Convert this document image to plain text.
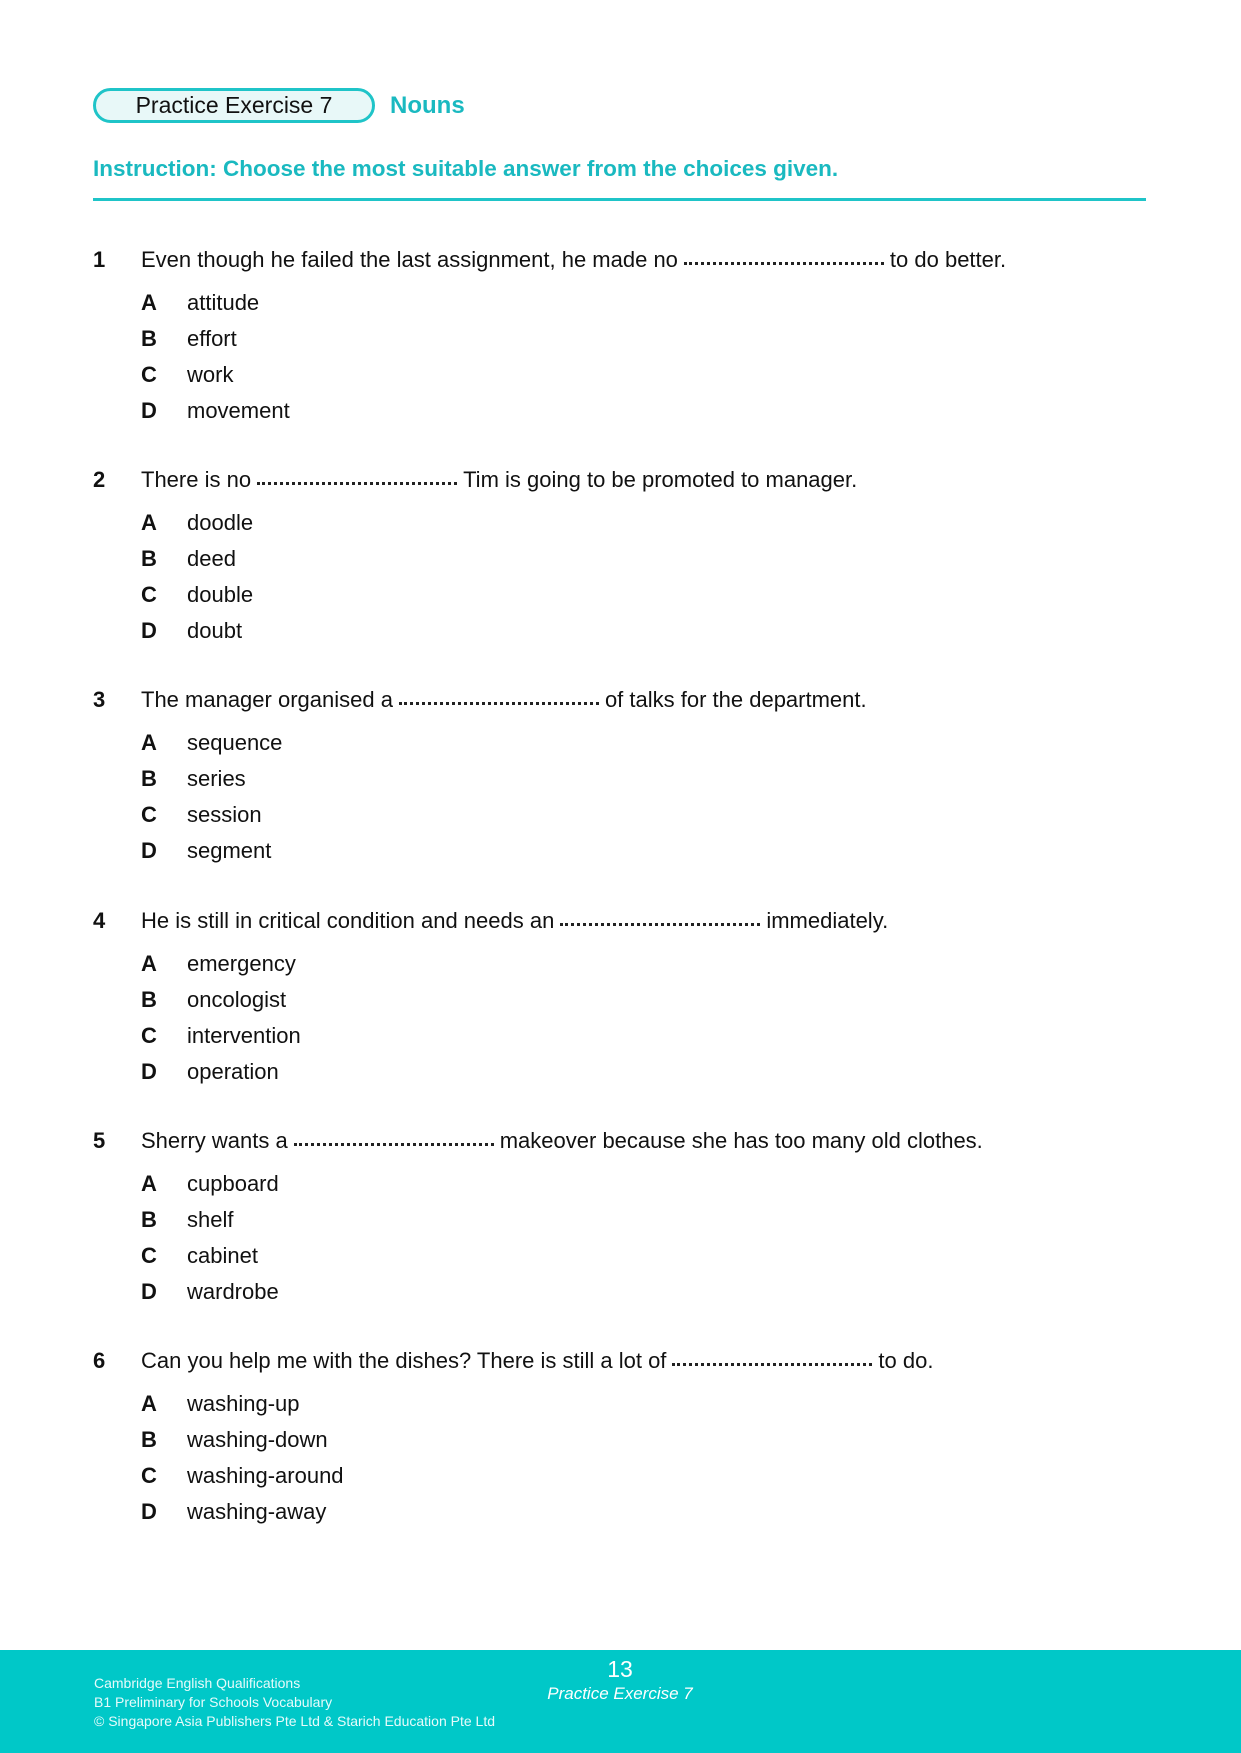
Practice Exercise 7	Nouns
Instruction: Choose the most suitable answer from the choices given.
1	Even though he failed the last assignment, he made no	to do better.
A	attitude
B	effort
C	work
D	movement
2	There is no	Tim is going to be promoted to manager.
A	doodle
B	deed
C	double
D	doubt
3	The manager organised a	of talks for the department.
A	sequence
B	series
C	session
D	segment
4	He is still in critical condition and needs an	immediately.
A	emergency
B	oncologist
C	intervention
D	operation
5	Sherry wants a	makeover because she has too many old clothes.
A	cupboard
B	shelf
C	cabinet
D	wardrobe
6	Can you help me with the dishes? There is still a lot of	to do.
A	washing-up
B	washing-down
C	washing-around
D	washing-away
Cambridge English Qualifications
B1 Preliminary for Schools Vocabulary
© Singapore Asia Publishers Pte Ltd & Starich Education Pte Ltd
13
Practice Exercise 7
